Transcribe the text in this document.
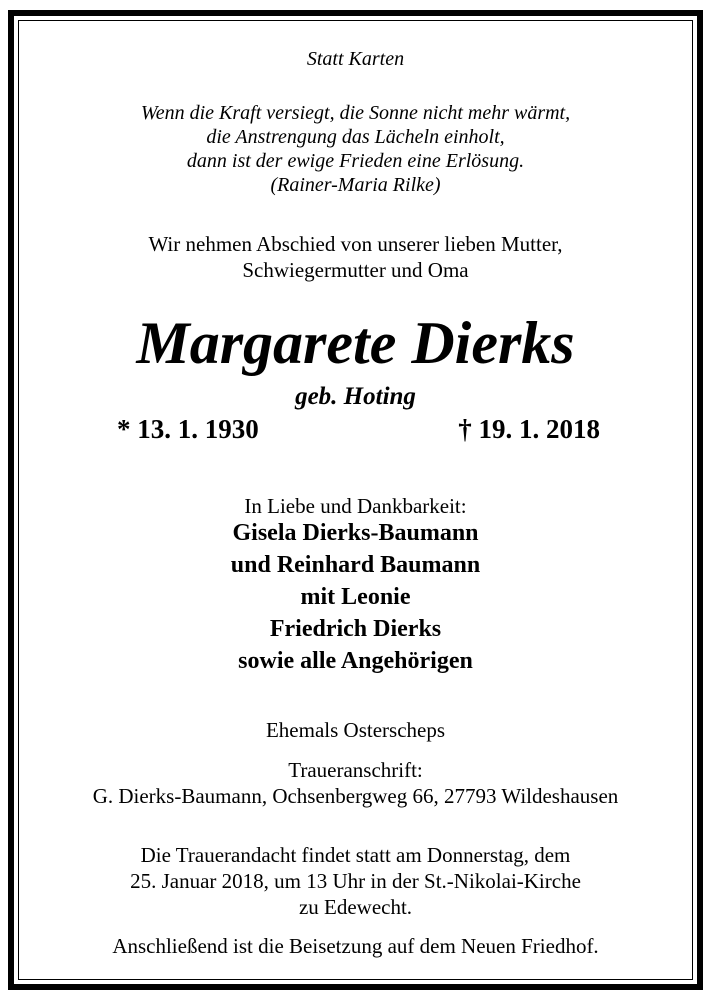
Statt Karten
Wenn die Kraft versiegt, die Sonne nicht mehr wärmt,
die Anstrengung das Lächeln einholt,
dann ist der ewige Frieden eine Erlösung.
(Rainer-Maria Rilke)
Wir nehmen Abschied von unserer lieben Mutter,
Schwiegermutter und Oma
Margarete Dierks
geb. Hoting
* 13. 1. 1930	† 19. 1. 2018
In Liebe und Dankbarkeit:
Gisela Dierks-Baumann
und Reinhard Baumann
mit Leonie
Friedrich Dierks
sowie alle Angehörigen
Ehemals Osterscheps
Traueranschrift:
G. Dierks-Baumann, Ochsenbergweg 66, 27793 Wildeshausen
Die Trauerandacht findet statt am Donnerstag, dem
25. Januar 2018, um 13 Uhr in der St.-Nikolai-Kirche
zu Edewecht.
Anschließend ist die Beisetzung auf dem Neuen Friedhof.
